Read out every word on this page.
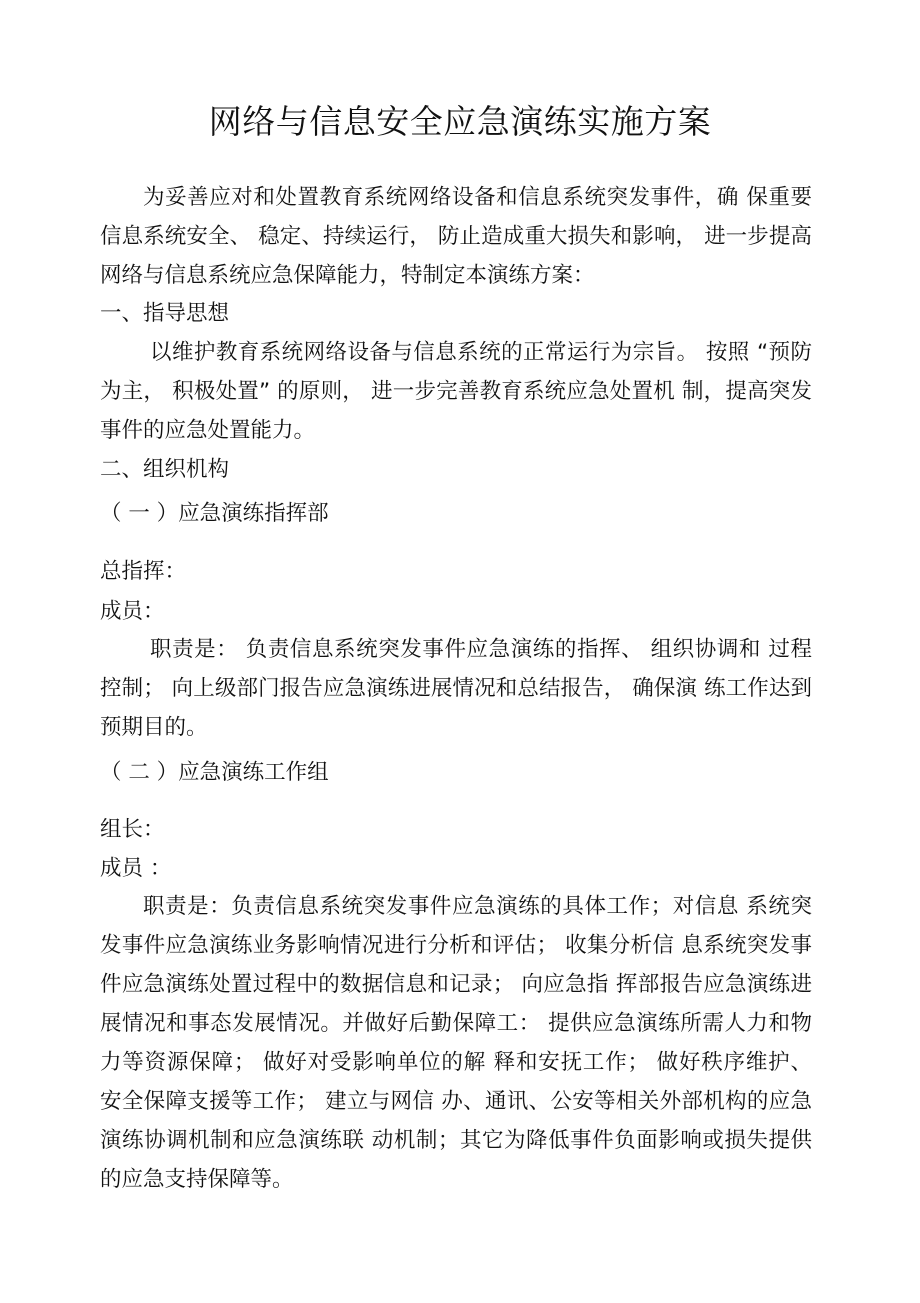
网络与信息安全应急演练实施方案

为妥善应对和处置教育系统网络设备和信息系统突发事件，确 保重要信息系统安全、 稳定、持续运行， 防止造成重大损失和影响， 进一步提高网络与信息系统应急保障能力，特制定本演练方案：

一、指导思想

以维护教育系统网络设备与信息系统的正常运行为宗旨。 按照 “预防为主， 积极处置” 的原则， 进一步完善教育系统应急处置机 制，提高突发事件的应急处置能力。

二、组织机构
（ 一 ）应急演练指挥部
总指挥：
成员：

职责是： 负责信息系统突发事件应急演练的指挥、 组织协调和 过程控制； 向上级部门报告应急演练进展情况和总结报告， 确保演 练工作达到预期目的。

（ 二 ）应急演练工作组
组长：
成员 ：

职责是：负责信息系统突发事件应急演练的具体工作；对信息 系统突发事件应急演练业务影响情况进行分析和评估； 收集分析信 息系统突发事件应急演练处置过程中的数据信息和记录； 向应急指 挥部报告应急演练进展情况和事态发展情况。并做好后勤保障工： 提供应急演练所需人力和物力等资源保障； 做好对受影响单位的解 释和安抚工作； 做好秩序维护、 安全保障支援等工作； 建立与网信 办、通讯、公安等相关外部机构的应急演练协调机制和应急演练联 动机制；其它为降低事件负面影响或损失提供的应急支持保障等。
